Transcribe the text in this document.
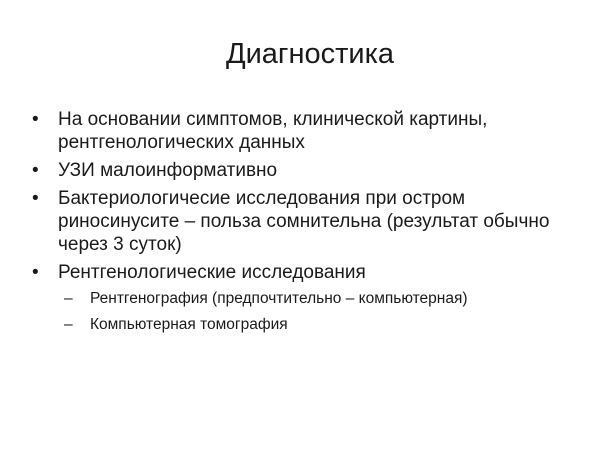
Диагностика
• На основании симптомов, клинической картины, рентгенологических данных
• УЗИ малоинформативно
• Бактериологичесие исследования при остром риносинусите – польза сомнительна (результат обычно через 3 суток)
• Рентгенологические исследования
– Рентгенография (предпочтительно – компьютерная)
– Компьютерная томография
